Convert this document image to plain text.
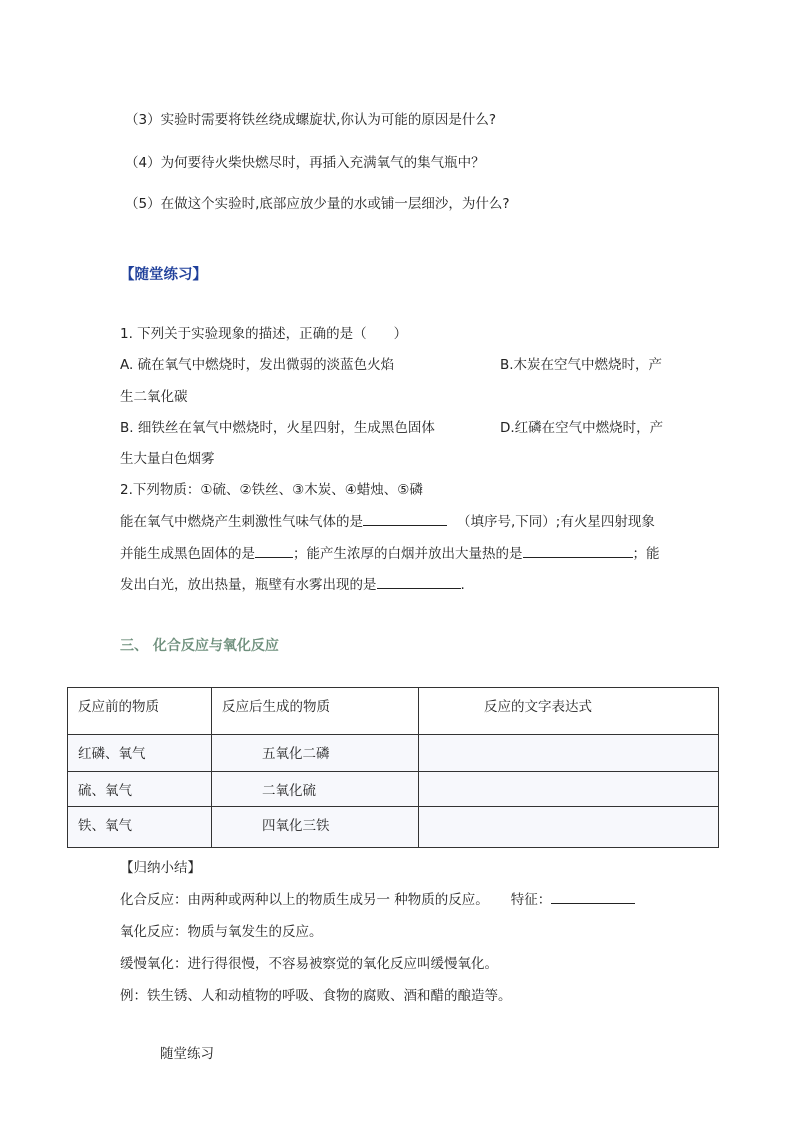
（3）实验时需要将铁丝绕成螺旋状,你认为可能的原因是什么?
（4）为何要待火柴快燃尽时，再插入充满氧气的集气瓶中？
（5）在做这个实验时,底部应放少量的水或铺一层细沙，为什么?
【随堂练习】
1. 下列关于实验现象的描述，正确的是（　　）
A. 硫在氧气中燃烧时，发出微弱的淡蓝色火焰	B.木炭在空气中燃烧时，产
生二氧化碳
B. 细铁丝在氧气中燃烧时，火星四射，生成黑色固体	D.红磷在空气中燃烧时，产
生大量白色烟雾
2.下列物质：①硫、②铁丝、③木炭、④蜡烛、⑤磷
能在氧气中燃烧产生刺激性气味气体的是	（填序号,下同）;有火星四射现象
并能生成黑色固体的是	；能产生浓厚的白烟并放出大量热的是	；能
发出白光，放出热量，瓶壁有水雾出现的是	.
三、 化合反应与氧化反应
反应前的物质	反应后生成的物质	反应的文字表达式

红磷、氧气	五氧化二磷	

硫、氧气	二氧化硫	

铁、氧气	四氧化三铁	

【归纳小结】
化合反应：由两种或两种以上的物质生成另一 种物质的反应。 特征：
氧化反应：物质与氧发生的反应。
缓慢氧化：进行得很慢，不容易被察觉的氧化反应叫缓慢氧化。
例：铁生锈、人和动植物的呼吸、食物的腐败、酒和醋的酿造等。
随堂练习
